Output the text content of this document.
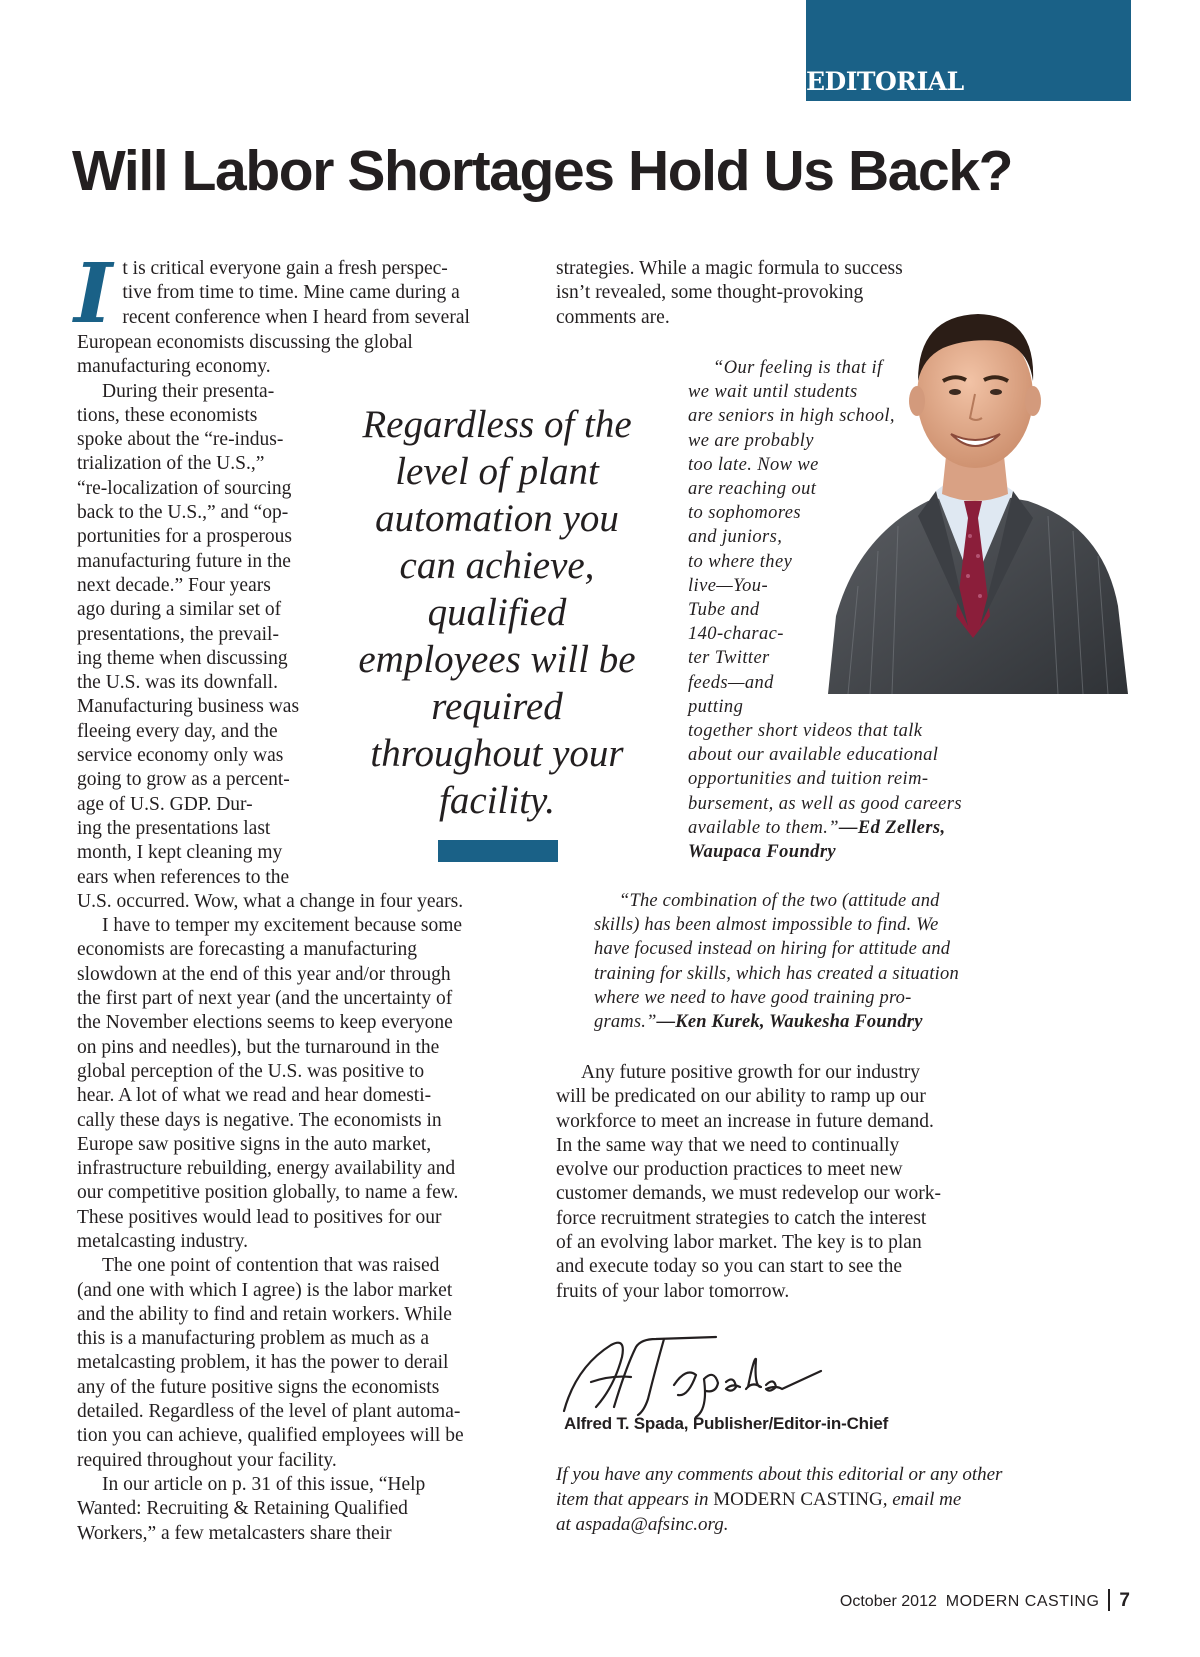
EDITORIAL
Will Labor Shortages Hold Us Back?

I t is critical everyone gain a fresh perspec-
tive from time to time. Mine came during a
recent conference when I heard from several
European economists discussing the global
manufacturing economy.

During their presenta-
tions, these economists
spoke about the “re-indus-
trialization of the U.S.,”
“re-localization of sourcing
back to the U.S.,” and “op-
portunities for a prosperous
manufacturing future in the
next decade.” Four years
ago during a similar set of
presentations, the prevail-
ing theme when discussing
the U.S. was its downfall.
Manufacturing business was
fleeing every day, and the
service economy only was
going to grow as a percent-
age of U.S. GDP. Dur-
ing the presentations last
month, I kept cleaning my
ears when references to the
U.S. occurred. Wow, what a change in four years.
I have to temper my excitement because some
economists are forecasting a manufacturing
slowdown at the end of this year and/or through
the first part of next year (and the uncertainty of
the November elections seems to keep everyone
on pins and needles), but the turnaround in the
global perception of the U.S. was positive to
hear. A lot of what we read and hear domesti-
cally these days is negative. The economists in
Europe saw positive signs in the auto market,
infrastructure rebuilding, energy availability and
our competitive position globally, to name a few.
These positives would lead to positives for our
metalcasting industry.
The one point of contention that was raised
(and one with which I agree) is the labor market
and the ability to find and retain workers. While
this is a manufacturing problem as much as a
metalcasting problem, it has the power to derail
any of the future positive signs the economists
detailed. Regardless of the level of plant automa-
tion you can achieve, qualified employees will be
required throughout your facility.
In our article on p. 31 of this issue, “Help
Wanted: Recruiting & Retaining Qualified
Workers,” a few metalcasters share their
Regardless of the
level of plant
automation you
can achieve,
qualified
employees will be
required
throughout your
facility.
strategies. While a magic formula to success
isn’t revealed, some thought-provoking
comments are.
“Our feeling is that if
we wait until students
are seniors in high school,
we are probably
too late. Now we
are reaching out
to sophomores
and juniors,
to where they
live—You-
Tube and
140-charac-
ter Twitter
feeds—and
putting
together short videos that talk
about our available educational
opportunities and tuition reim-
bursement, as well as good careers
available to them.”—Ed Zellers,
Waupaca Foundry
“The combination of the two (attitude and
skills) has been almost impossible to find. We
have focused instead on hiring for attitude and
training for skills, which has created a situation
where we need to have good training pro-
grams.”—Ken Kurek, Waukesha Foundry
Any future positive growth for our industry
will be predicated on our ability to ramp up our
workforce to meet an increase in future demand.
In the same way that we need to continually
evolve our production practices to meet new
customer demands, we must redevelop our work-
force recruitment strategies to catch the interest
of an evolving labor market. The key is to plan
and execute today so you can start to see the
fruits of your labor tomorrow.
Alfred T. Spada, Publisher/Editor-in-Chief
If you have any comments about this editorial or any other
item that appears in MODERN CASTING, email me
at aspada@afsinc.org.
October 2012 MODERN CASTING 7
